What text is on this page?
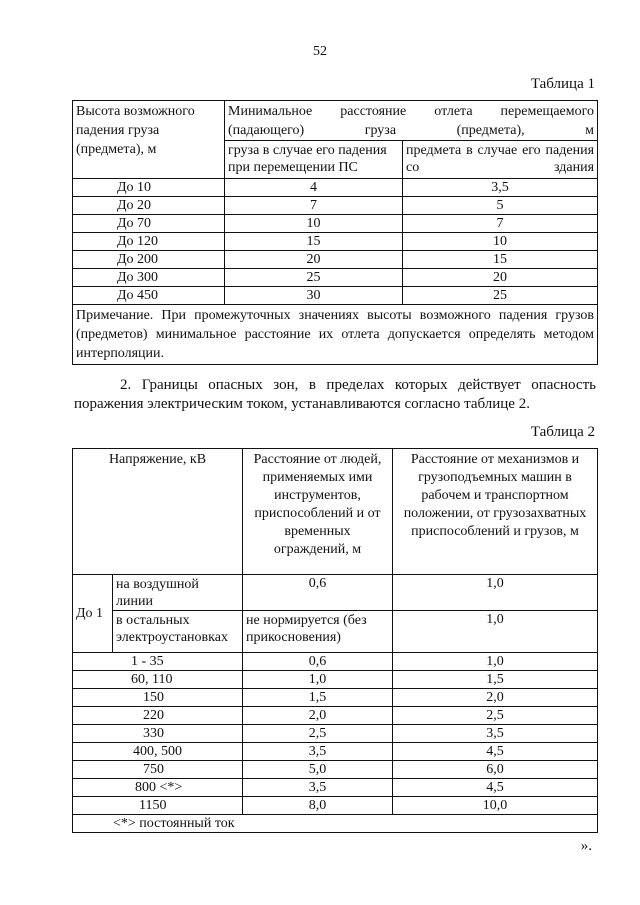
52
Таблица 1
Высота возможного падения груза (предмета), м	Минимальное расстояние отлета перемещаемого (падающего) груза (предмета), м	
	груза в случае его падения при перемещении ПС	предмета в случае его падения со здания
До 10	4	3,5
До 20	7	5
До 70	10	7
До 120	15	10
До 200	20	15
До 300	25	20
До 450	30	25
Примечание. При промежуточных значениях высоты возможного падения грузов (предметов) минимальное расстояние их отлета допускается определять методом интерполяции.		
2. Границы опасных зон, в пределах которых действует опасность
поражения электрическим током, устанавливаются согласно таблице 2.
Таблица 2
Напряжение, кВ		Расстояние от людей, применяемых ими инструментов, приспособлений и от временных ограждений, м	Расстояние от механизмов и грузоподъемных машин в рабочем и транспортном положении, от грузозахватных приспособлений и грузов, м
До 1	на воздушной линии	0,6	1,0
	в остальных электроустановках	не нормируется (без прикосновения)	1,0
1 - 35		0,6	1,0
60, 110		1,0	1,5
150		1,5	2,0
220		2,0	2,5
330		2,5	3,5
400, 500		3,5	4,5
750		5,0	6,0
800 <*>		3,5	4,5
1150		8,0	10,0
<*> постоянный ток			
».
